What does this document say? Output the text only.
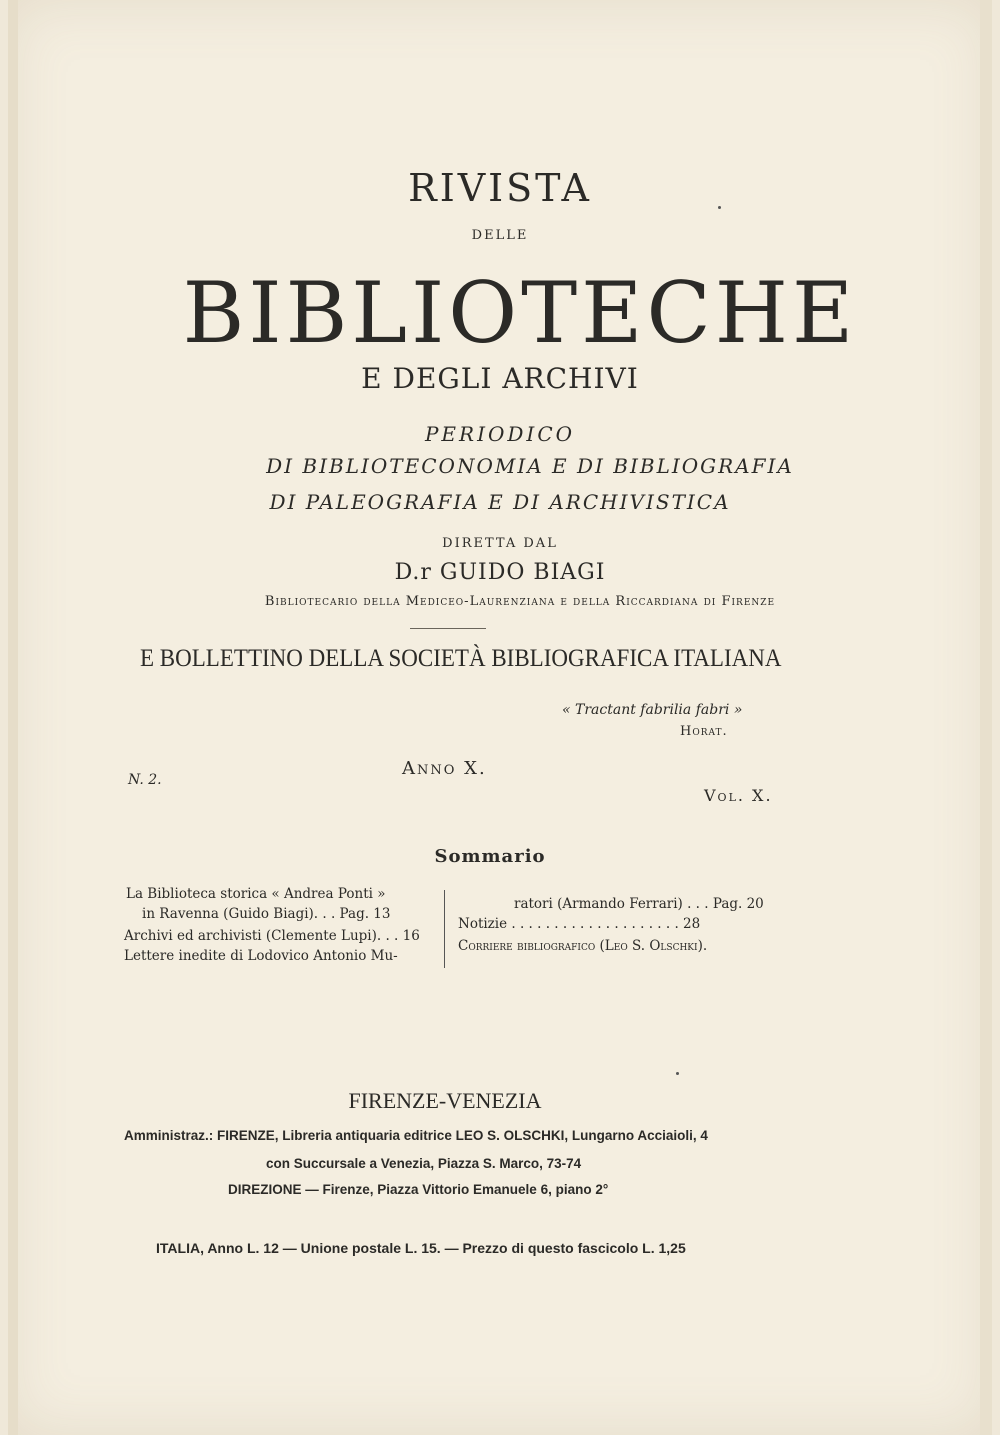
RIVISTA
DELLE
BIBLIOTECHE
E DEGLI ARCHIVI
PERIODICO
DI BIBLIOTECONOMIA E DI BIBLIOGRAFIA
DI PALEOGRAFIA E DI ARCHIVISTICA
DIRETTA DAL
D.r GUIDO BIAGI
Bibliotecario della Mediceo-Laurenziana e della Riccardiana di Firenze
E BOLLETTINO DELLA SOCIETÀ BIBLIOGRAFICA ITALIANA
« Tractant fabrilia fabri »
Horat.
N. 2.
Anno X.
Vol. X.
Sommario
La Biblioteca storica « Andrea Ponti »
in Ravenna (Guido Biagi). . . Pag. 13
Archivi ed archivisti (Clemente Lupi). . . 16
Lettere inedite di Lodovico Antonio Mu-
ratori (Armando Ferrari) . . . Pag. 20
Notizie . . . . . . . . . . . . . . . . . . . . 28
Corriere bibliografico (Leo S. Olschki).
FIRENZE-VENEZIA
Amministraz.: FIRENZE, Libreria antiquaria editrice LEO S. OLSCHKI, Lungarno Acciaioli, 4
con Succursale a Venezia, Piazza S. Marco, 73-74
DIREZIONE — Firenze, Piazza Vittorio Emanuele 6, piano 2°
ITALIA, Anno L. 12 — Unione postale L. 15. — Prezzo di questo fascicolo L. 1,25
